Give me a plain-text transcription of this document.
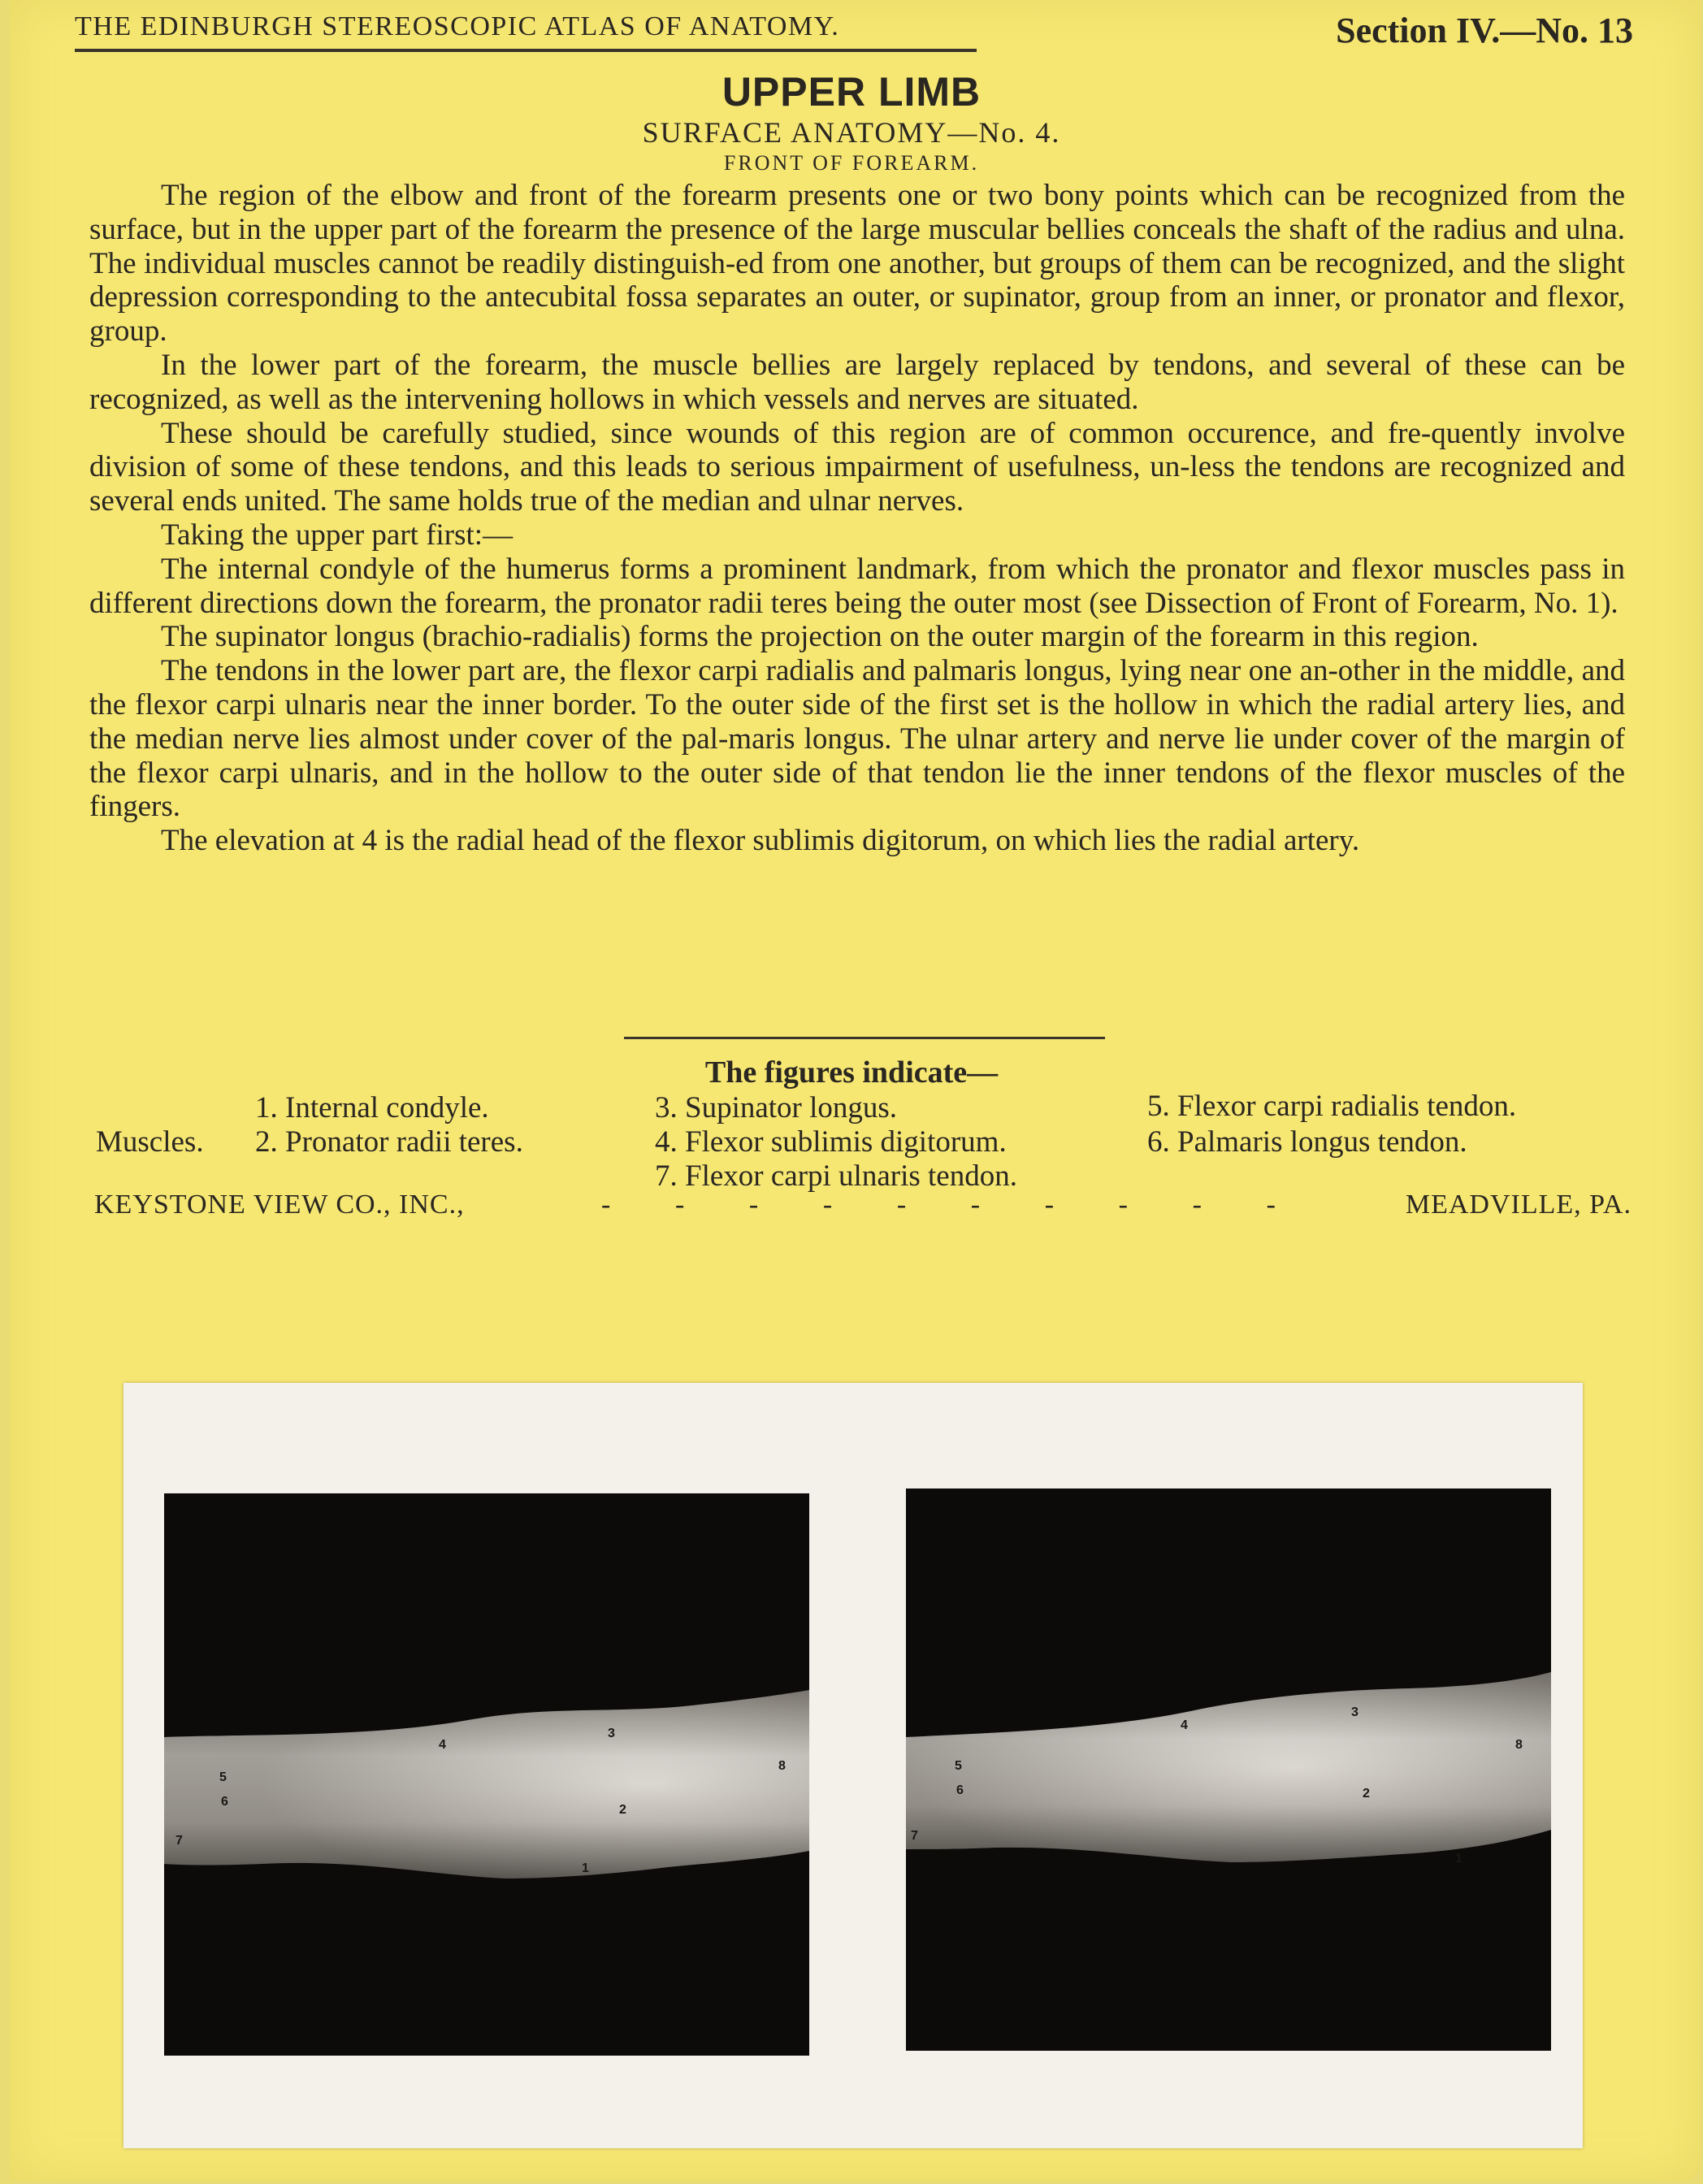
THE EDINBURGH STEREOSCOPIC ATLAS OF ANATOMY.	Section IV.—No. 13
UPPER LIMB
SURFACE ANATOMY—No. 4.
FRONT OF FOREARM.

The region of the elbow and front of the forearm presents one or two bony points which can be recognized from the surface, but in the upper part of the forearm the presence of the large muscular bellies conceals the shaft of the radius and ulna. The individual muscles cannot be readily distinguish-ed from one another, but groups of them can be recognized, and the slight depression corresponding to the antecubital fossa separates an outer, or supinator, group from an inner, or pronator and flexor, group.

In the lower part of the forearm, the muscle bellies are largely replaced by tendons, and several of these can be recognized, as well as the intervening hollows in which vessels and nerves are situated.

These should be carefully studied, since wounds of this region are of common occurence, and fre-quently involve division of some of these tendons, and this leads to serious impairment of usefulness, un-less the tendons are recognized and several ends united. The same holds true of the median and ulnar nerves.

Taking the upper part first:—

The internal condyle of the humerus forms a prominent landmark, from which the pronator and flexor muscles pass in different directions down the forearm, the pronator radii teres being the outer most (see Dissection of Front of Forearm, No. 1).

The supinator longus (brachio-radialis) forms the projection on the outer margin of the forearm in this region.

The tendons in the lower part are, the flexor carpi radialis and palmaris longus, lying near one an-other in the middle, and the flexor carpi ulnaris near the inner border. To the outer side of the first set is the hollow in which the radial artery lies, and the median nerve lies almost under cover of the pal-maris longus. The ulnar artery and nerve lie under cover of the margin of the flexor carpi ulnaris, and in the hollow to the outer side of that tendon lie the inner tendons of the flexor muscles of the fingers.

The elevation at 4 is the radial head of the flexor sublimis digitorum, on which lies the radial artery.

The figures indicate—
Muscles.
1. Internal condyle.
2. Pronator radii teres.
3. Supinator longus.
4. Flexor sublimis digitorum.
7. Flexor carpi ulnaris tendon.
5. Flexor carpi radialis tendon.
6. Palmaris longus tendon.
KEYSTONE VIEW CO., INC.,	- - - - - - - - - -	MEADVILLE, PA.
1
2
3
4
5
6
7
8
1
2
3
4
5
6
7
8
